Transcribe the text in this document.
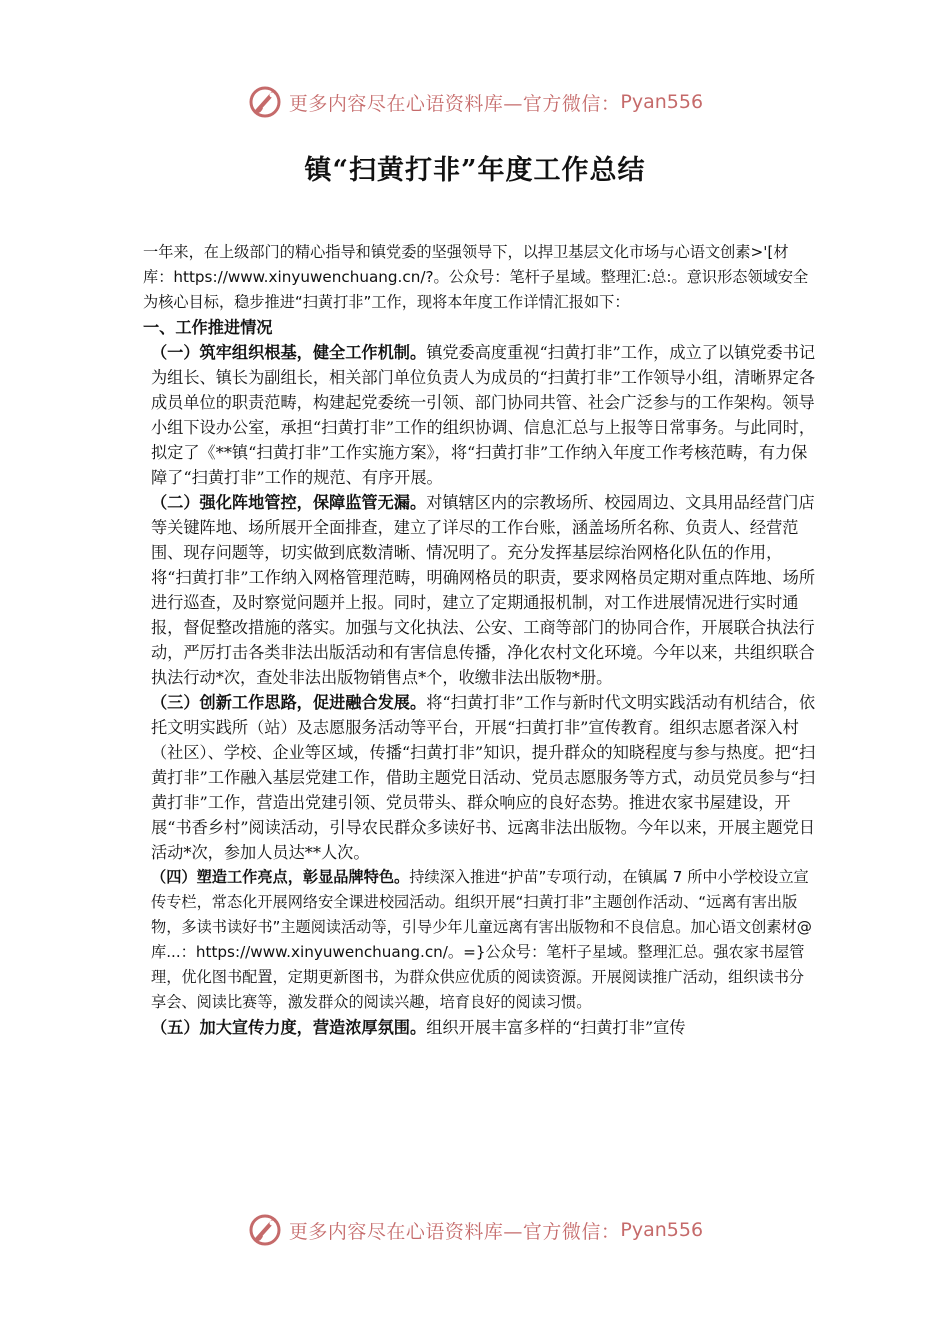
更多内容尽在心语资料库—官方微信： Pyan556
镇“扫黄打非”年度工作总结

一年来，在上级部门的精心指导和镇党委的坚强领导下，以捍卫基层文化市场与心语文创素>'[材库：https://www.xinyuwenchuang.cn/?。公众号：笔杆子星域。整理汇:总:。意识形态领域安全为核心目标，稳步推进“扫黄打非”工作，现将本年度工作详情汇报如下：

一、工作推进情况

（一）筑牢组织根基，健全工作机制。镇党委高度重视“扫黄打非”工作，成立了以镇党委书记为组长、镇长为副组长，相关部门单位负责人为成员的“扫黄打非”工作领导小组，清晰界定各成员单位的职责范畴，构建起党委统一引领、部门协同共管、社会广泛参与的工作架构。领导小组下设办公室，承担“扫黄打非”工作的组织协调、信息汇总与上报等日常事务。与此同时，拟定了《**镇“扫黄打非”工作实施方案》，将“扫黄打非”工作纳入年度工作考核范畴，有力保障了“扫黄打非”工作的规范、有序开展。

（二）强化阵地管控，保障监管无漏。对镇辖区内的宗教场所、校园周边、文具用品经营门店等关键阵地、场所展开全面排查，建立了详尽的工作台账，涵盖场所名称、负责人、经营范围、现存问题等，切实做到底数清晰、情况明了。充分发挥基层综治网格化队伍的作用，将“扫黄打非”工作纳入网格管理范畴，明确网格员的职责，要求网格员定期对重点阵地、场所进行巡查，及时察觉问题并上报。同时，建立了定期通报机制，对工作进展情况进行实时通报，督促整改措施的落实。加强与文化执法、公安、工商等部门的协同合作，开展联合执法行动，严厉打击各类非法出版活动和有害信息传播，净化农村文化环境。今年以来，共组织联合执法行动*次，查处非法出版物销售点*个，收缴非法出版物*册。

（三）创新工作思路，促进融合发展。将“扫黄打非”工作与新时代文明实践活动有机结合，依托文明实践所（站）及志愿服务活动等平台，开展“扫黄打非”宣传教育。组织志愿者深入村（社区）、学校、企业等区域，传播“扫黄打非”知识，提升群众的知晓程度与参与热度。把“扫黄打非”工作融入基层党建工作，借助主题党日活动、党员志愿服务等方式，动员党员参与“扫黄打非”工作，营造出党建引领、党员带头、群众响应的良好态势。推进农家书屋建设，开展“书香乡村”阅读活动，引导农民群众多读好书、远离非法出版物。今年以来，开展主题党日活动*次，参加人员达**人次。

（四）塑造工作亮点，彰显品牌特色。持续深入推进“护苗”专项行动，在镇属 7 所中小学校设立宣传专栏，常态化开展网络安全课进校园活动。组织开展“扫黄打非”主题创作活动、“远离有害出版物，多读书读好书”主题阅读活动等，引导少年儿童远离有害出版物和不良信息。加心语文创素材@库...：https://www.xinyuwenchuang.cn/。=}公众号：笔杆子星域。整理汇总。强农家书屋管理，优化图书配置，定期更新图书，为群众供应优质的阅读资源。开展阅读推广活动，组织读书分享会、阅读比赛等，激发群众的阅读兴趣，培育良好的阅读习惯。

（五）加大宣传力度，营造浓厚氛围。组织开展丰富多样的“扫黄打非”宣传

更多内容尽在心语资料库—官方微信： Pyan556
